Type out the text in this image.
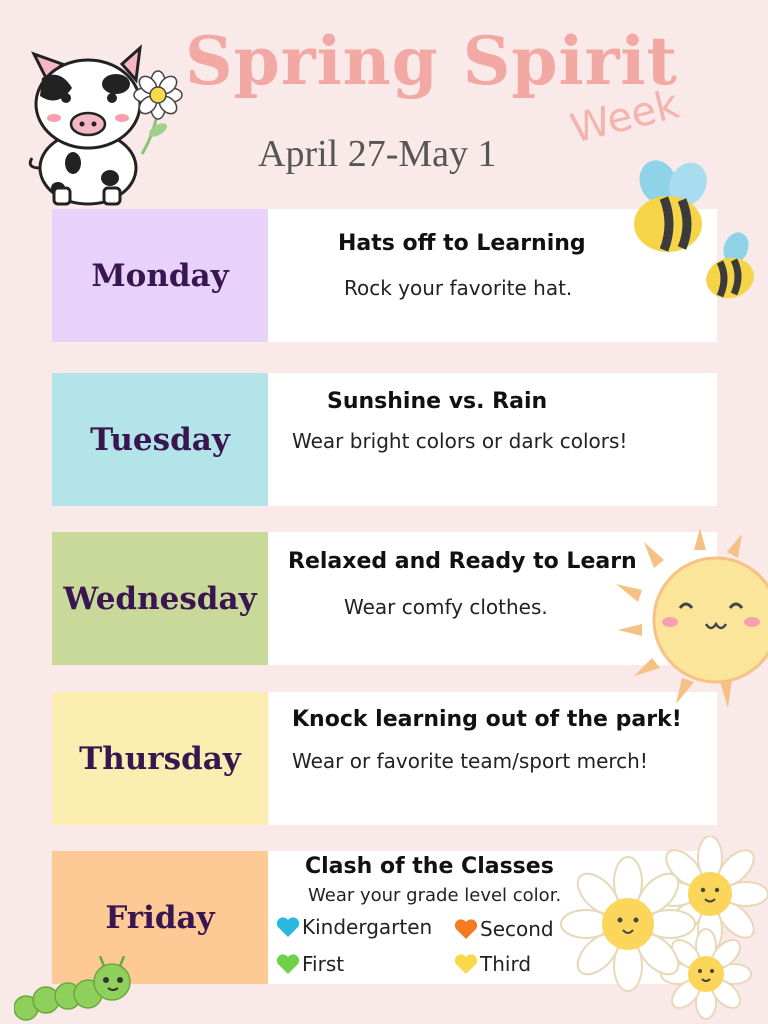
Spring Spirit
Week
April 27-May 1
Monday
Hats off to Learning
Rock your favorite hat.
Tuesday
Sunshine vs. Rain
Wear bright colors or dark colors!
Wednesday
Relaxed and Ready to Learn
Wear comfy clothes.
Thursday
Knock learning out of the park!
Wear or favorite team/sport merch!
Friday
Clash of the Classes
Wear your grade level color.
Kindergarten Second
First	Third
